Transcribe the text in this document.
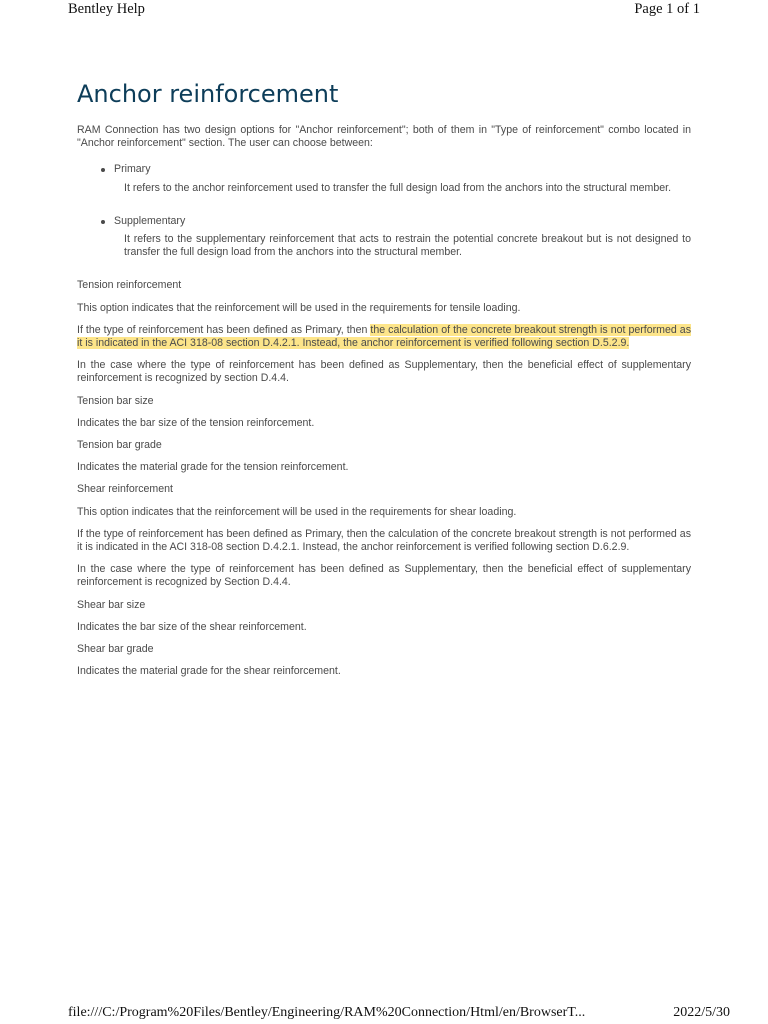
Bentley Help	Page 1 of 1
Anchor reinforcement

RAM Connection has two design options for "Anchor reinforcement"; both of them in "Type of reinforcement" combo located in "Anchor reinforcement" section. The user can choose between:

Primary
It refers to the anchor reinforcement used to transfer the full design load from the anchors into the structural member.
Supplementary
It refers to the supplementary reinforcement that acts to restrain the potential concrete breakout but is not designed to transfer the full design load from the anchors into the structural member.

Tension reinforcement

This option indicates that the reinforcement will be used in the requirements for tensile loading.

If the type of reinforcement has been defined as Primary, then the calculation of the concrete breakout strength is not performed as it is indicated in the ACI 318-08 section D.4.2.1. Instead, the anchor reinforcement is verified following section D.5.2.9.

In the case where the type of reinforcement has been defined as Supplementary, then the beneficial effect of supplementary reinforcement is recognized by section D.4.4.

Tension bar size

Indicates the bar size of the tension reinforcement.

Tension bar grade

Indicates the material grade for the tension reinforcement.

Shear reinforcement

This option indicates that the reinforcement will be used in the requirements for shear loading.

If the type of reinforcement has been defined as Primary, then the calculation of the concrete breakout strength is not performed as it is indicated in the ACI 318-08 section D.4.2.1. Instead, the anchor reinforcement is verified following section D.6.2.9.

In the case where the type of reinforcement has been defined as Supplementary, then the beneficial effect of supplementary reinforcement is recognized by Section D.4.4.

Shear bar size

Indicates the bar size of the shear reinforcement.

Shear bar grade

Indicates the material grade for the shear reinforcement.

file:///C:/Program%20Files/Bentley/Engineering/RAM%20Connection/Html/en/BrowserT...	2022/5/30
